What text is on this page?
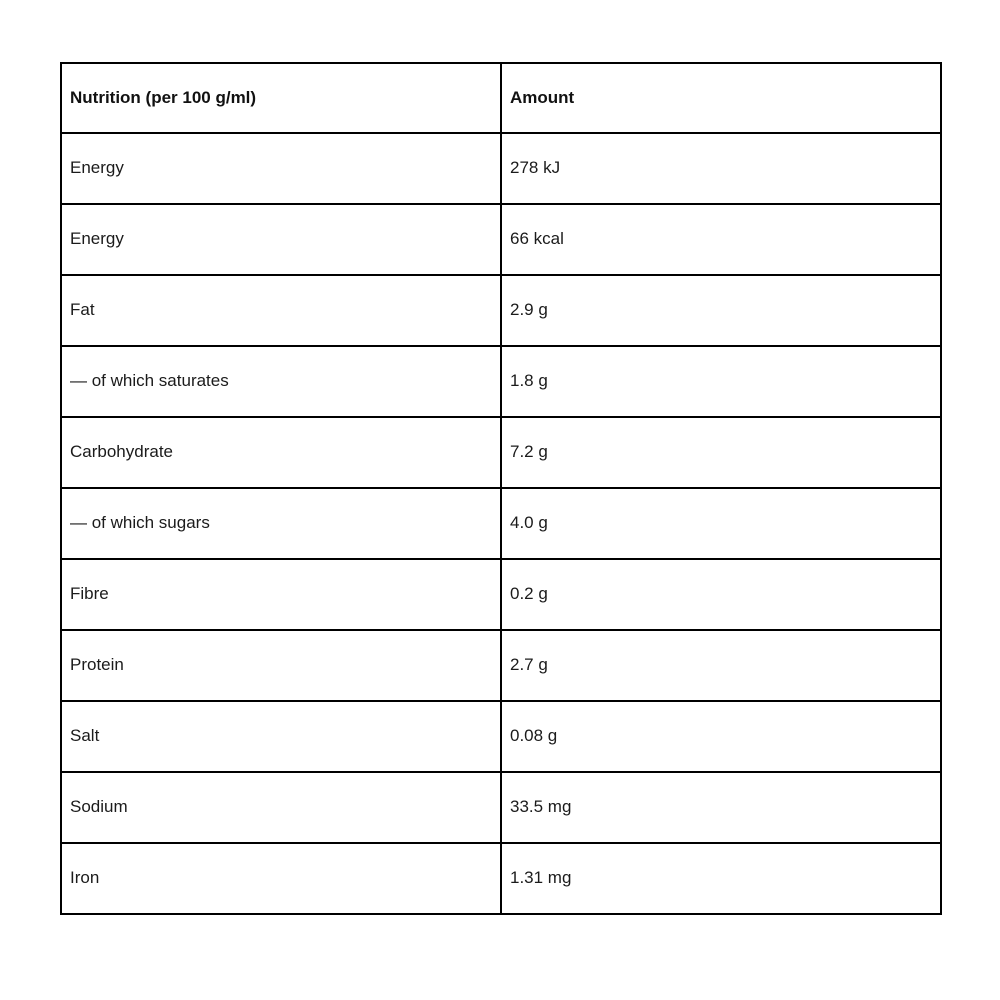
Nutrition (per 100 g/ml)	Amount
Energy	278 kJ
Energy	66 kcal
Fat	2.9 g
— of which saturates	1.8 g
Carbohydrate	7.2 g
— of which sugars	4.0 g
Fibre	0.2 g
Protein	2.7 g
Salt	0.08 g
Sodium	33.5 mg
Iron	1.31 mg
